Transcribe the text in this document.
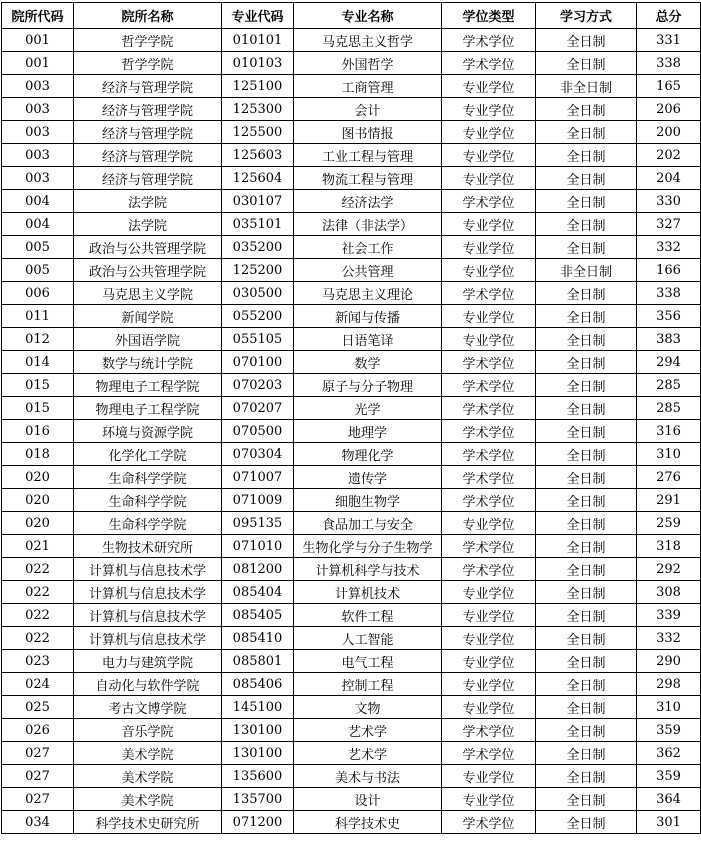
院所代码	院所名称	专业代码	专业名称	学位类型	学习方式	总分
001	哲学学院	010101	马克思主义哲学	学术学位	全日制	331
001	哲学学院	010103	外国哲学	学术学位	全日制	338
003	经济与管理学院	125100	工商管理	专业学位	非全日制	165
003	经济与管理学院	125300	会计	专业学位	全日制	206
003	经济与管理学院	125500	图书情报	专业学位	全日制	200
003	经济与管理学院	125603	工业工程与管理	专业学位	全日制	202
003	经济与管理学院	125604	物流工程与管理	专业学位	全日制	204
004	法学院	030107	经济法学	学术学位	全日制	330
004	法学院	035101	法律（非法学）	专业学位	全日制	327
005	政治与公共管理学院	035200	社会工作	专业学位	全日制	332
005	政治与公共管理学院	125200	公共管理	专业学位	非全日制	166
006	马克思主义学院	030500	马克思主义理论	学术学位	全日制	338
011	新闻学院	055200	新闻与传播	专业学位	全日制	356
012	外国语学院	055105	日语笔译	专业学位	全日制	383
014	数学与统计学院	070100	数学	学术学位	全日制	294
015	物理电子工程学院	070203	原子与分子物理	学术学位	全日制	285
015	物理电子工程学院	070207	光学	学术学位	全日制	285
016	环境与资源学院	070500	地理学	学术学位	全日制	316
018	化学化工学院	070304	物理化学	学术学位	全日制	310
020	生命科学学院	071007	遗传学	学术学位	全日制	276
020	生命科学学院	071009	细胞生物学	学术学位	全日制	291
020	生命科学学院	095135	食品加工与安全	专业学位	全日制	259
021	生物技术研究所	071010	生物化学与分子生物学	学术学位	全日制	318
022	计算机与信息技术学	081200	计算机科学与技术	学术学位	全日制	292
022	计算机与信息技术学	085404	计算机技术	专业学位	全日制	308
022	计算机与信息技术学	085405	软件工程	专业学位	全日制	339
022	计算机与信息技术学	085410	人工智能	专业学位	全日制	332
023	电力与建筑学院	085801	电气工程	专业学位	全日制	290
024	自动化与软件学院	085406	控制工程	专业学位	全日制	298
025	考古文博学院	145100	文物	专业学位	全日制	310
026	音乐学院	130100	艺术学	学术学位	全日制	359
027	美术学院	130100	艺术学	学术学位	全日制	362
027	美术学院	135600	美术与书法	专业学位	全日制	359
027	美术学院	135700	设计	专业学位	全日制	364
034	科学技术史研究所	071200	科学技术史	学术学位	全日制	301
